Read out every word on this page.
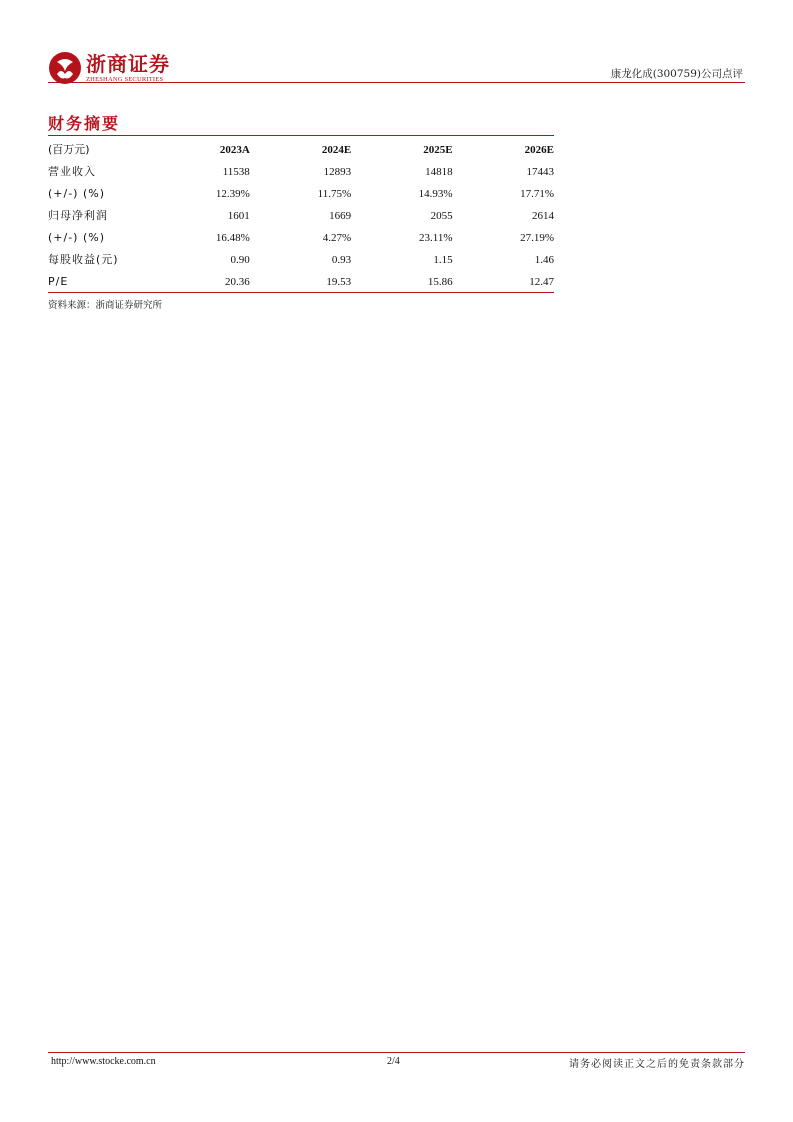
浙商证券
ZHESHANG SECURITIES	康龙化成(300759)公司点评
财务摘要
(百万元)	2023A	2024E	2025E	2026E
营业收入	11538	12893	14818	17443
(+/-) (%)	12.39%	11.75%	14.93%	17.71%
归母净利润	1601	1669	2055	2614
(+/-) (%)	16.48%	4.27%	23.11%	27.19%
每股收益(元)	0.90	0.93	1.15	1.46
P/E	20.36	19.53	15.86	12.47
资料来源：浙商证券研究所
http://www.stocke.com.cn	2/4	请务必阅读正文之后的免责条款部分
